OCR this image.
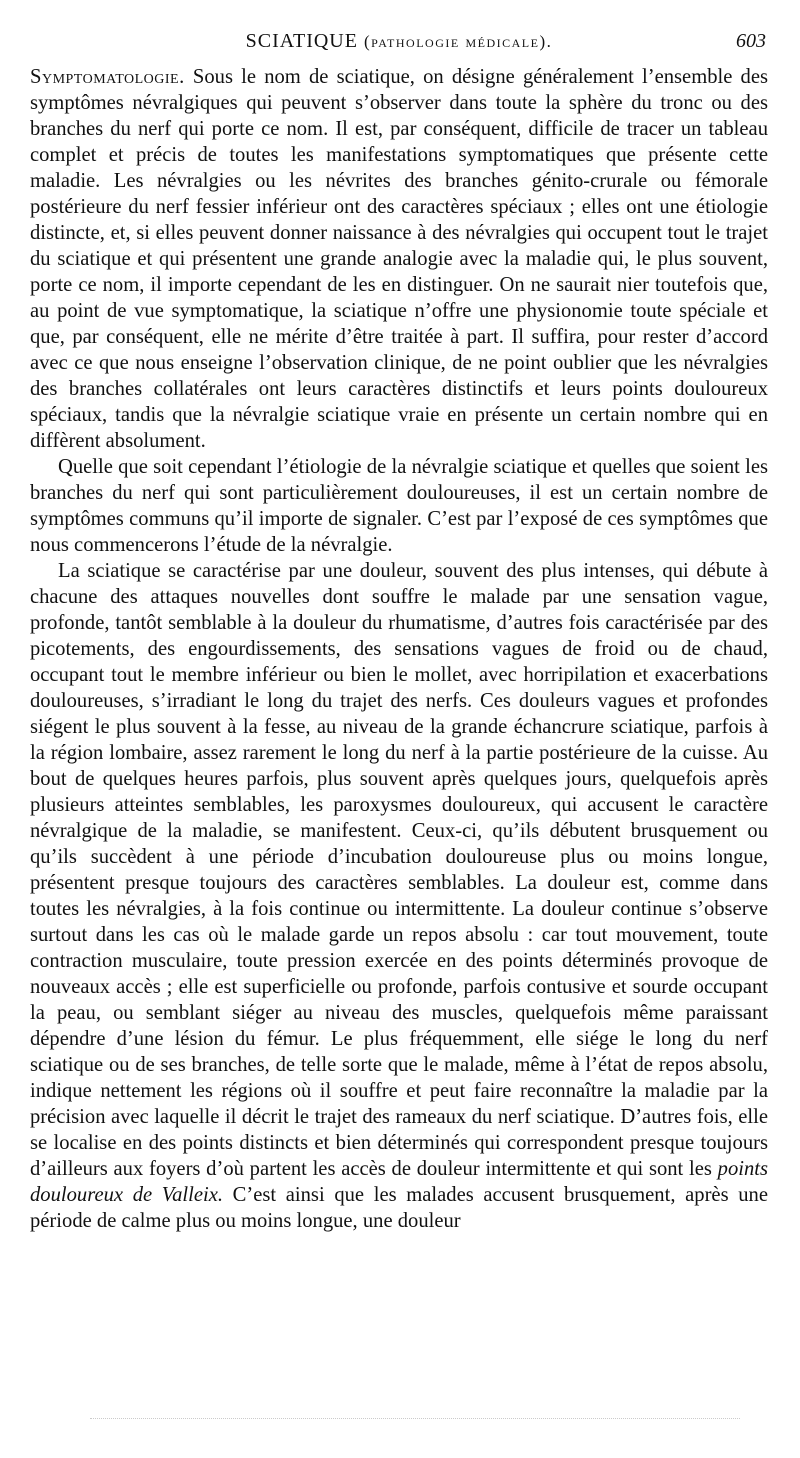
SCIATIQUE (pathologie médicale).	603

Symptomatologie. Sous le nom de sciatique, on désigne généralement l’ensemble des symptômes névralgiques qui peuvent s’observer dans toute la sphère du tronc ou des branches du nerf qui porte ce nom. Il est, par conséquent, difficile de tracer un tableau complet et précis de toutes les manifestations symptomatiques que présente cette maladie. Les névralgies ou les névrites des branches génito-crurale ou fémorale postérieure du nerf fessier inférieur ont des caractères spéciaux ; elles ont une étiologie distincte, et, si elles peuvent donner naissance à des névralgies qui occupent tout le trajet du sciatique et qui présentent une grande analogie avec la maladie qui, le plus souvent, porte ce nom, il importe cependant de les en distinguer. On ne saurait nier toutefois que, au point de vue symptomatique, la sciatique n’offre une physionomie toute spéciale et que, par conséquent, elle ne mérite d’être traitée à part. Il suffira, pour rester d’accord avec ce que nous enseigne l’observation clinique, de ne point oublier que les névralgies des branches collatérales ont leurs caractères distinctifs et leurs points douloureux spéciaux, tandis que la névralgie sciatique vraie en présente un certain nombre qui en diffèrent absolument.

Quelle que soit cependant l’étiologie de la névralgie sciatique et quelles que soient les branches du nerf qui sont particulièrement douloureuses, il est un certain nombre de symptômes communs qu’il importe de signaler. C’est par l’exposé de ces symptômes que nous commencerons l’étude de la névralgie.

La sciatique se caractérise par une douleur, souvent des plus intenses, qui débute à chacune des attaques nouvelles dont souffre le malade par une sensation vague, profonde, tantôt semblable à la douleur du rhumatisme, d’autres fois caractérisée par des picotements, des engourdissements, des sensations vagues de froid ou de chaud, occupant tout le membre inférieur ou bien le mollet, avec horripilation et exacerbations douloureuses, s’irradiant le long du trajet des nerfs. Ces douleurs vagues et profondes siégent le plus souvent à la fesse, au niveau de la grande échancrure sciatique, parfois à la région lombaire, assez rarement le long du nerf à la partie postérieure de la cuisse. Au bout de quelques heures parfois, plus souvent après quelques jours, quelquefois après plusieurs atteintes semblables, les paroxysmes douloureux, qui accusent le caractère névralgique de la maladie, se manifestent. Ceux-ci, qu’ils débutent brusquement ou qu’ils succèdent à une période d’incubation douloureuse plus ou moins longue, présentent presque toujours des caractères semblables. La douleur est, comme dans toutes les névralgies, à la fois continue ou intermittente. La douleur continue s’observe surtout dans les cas où le malade garde un repos absolu : car tout mouvement, toute contraction musculaire, toute pression exercée en des points déterminés provoque de nouveaux accès ; elle est superficielle ou profonde, parfois contusive et sourde occupant la peau, ou semblant siéger au niveau des muscles, quelquefois même paraissant dépendre d’une lésion du fémur. Le plus fréquemment, elle siége le long du nerf sciatique ou de ses branches, de telle sorte que le malade, même à l’état de repos absolu, indique nettement les régions où il souffre et peut faire reconnaître la maladie par la précision avec laquelle il décrit le trajet des rameaux du nerf sciatique. D’autres fois, elle se localise en des points distincts et bien déterminés qui correspondent presque toujours d’ailleurs aux foyers d’où partent les accès de douleur intermittente et qui sont les points douloureux de Valleix. C’est ainsi que les malades accusent brusquement, après une période de calme plus ou moins longue, une douleur
